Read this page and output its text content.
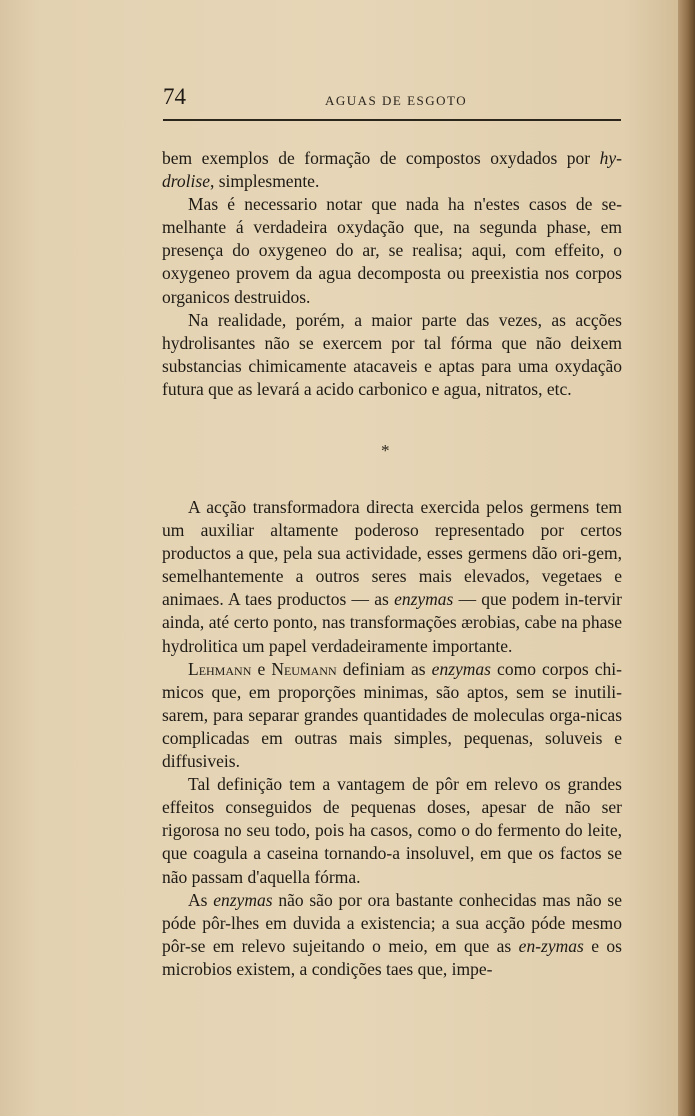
74	AGUAS DE ESGOTO

bem exemplos de formação de compostos oxydados por hy-drolise, simplesmente.

Mas é necessario notar que nada ha n'estes casos de se-melhante á verdadeira oxydação que, na segunda phase, em presença do oxygeneo do ar, se realisa; aqui, com effeito, o oxygeneo provem da agua decomposta ou preexistia nos corpos organicos destruidos.

Na realidade, porém, a maior parte das vezes, as acções hydrolisantes não se exercem por tal fórma que não deixem substancias chimicamente atacaveis e aptas para uma oxydação futura que as levará a acido carbonico e agua, nitratos, etc.

*

A acção transformadora directa exercida pelos germens tem um auxiliar altamente poderoso representado por certos productos a que, pela sua actividade, esses germens dão ori-gem, semelhantemente a outros seres mais elevados, vegetaes e animaes. A taes productos — as enzymas — que podem in-tervir ainda, até certo ponto, nas transformações ærobias, cabe na phase hydrolitica um papel verdadeiramente importante.

Lehmann e Neumann definiam as enzymas como corpos chi-micos que, em proporções minimas, são aptos, sem se inutili-sarem, para separar grandes quantidades de moleculas orga-nicas complicadas em outras mais simples, pequenas, soluveis e diffusiveis.

Tal definição tem a vantagem de pôr em relevo os grandes effeitos conseguidos de pequenas doses, apesar de não ser rigorosa no seu todo, pois ha casos, como o do fermento do leite, que coagula a caseina tornando-a insoluvel, em que os factos se não passam d'aquella fórma.

As enzymas não são por ora bastante conhecidas mas não se póde pôr-lhes em duvida a existencia; a sua acção póde mesmo pôr-se em relevo sujeitando o meio, em que as en-zymas e os microbios existem, a condições taes que, impe-
